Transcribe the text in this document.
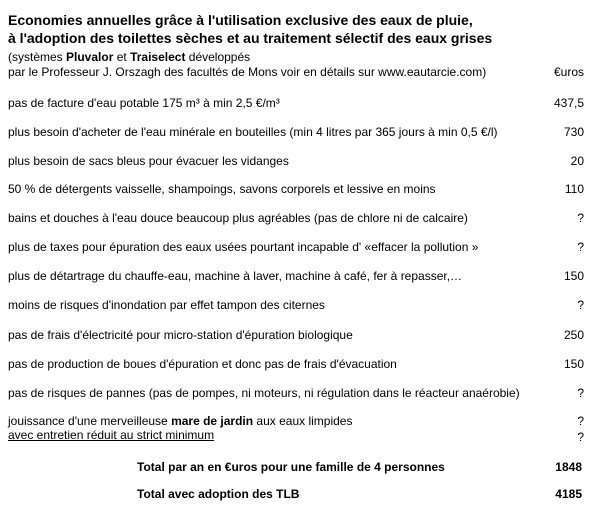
Economies annuelles grâce à l'utilisation exclusive des eaux de pluie,
à l'adoption des toilettes sèches et au traitement sélectif des eaux grises
(systèmes Pluvalor et Traiselect développés
par le Professeur J. Orszagh des facultés de Mons voir en détails sur www.eautarcie.com)	€uros
pas de facture d'eau potable 175 m³ à min 2,5 €/m³	437,5
plus besoin d'acheter de l'eau minérale en bouteilles (min 4 litres par 365 jours à min 0,5 €/l)	730
plus besoin de sacs bleus pour évacuer les vidanges	20
50 % de détergents vaisselle, shampoings, savons corporels et lessive en moins	110
bains et douches à l'eau douce beaucoup plus agréables (pas de chlore ni de calcaire)	?
plus de taxes pour épuration des eaux usées pourtant incapable d' «effacer la pollution »	?
plus de détartrage du chauffe-eau, machine à laver, machine à café, fer à repasser,…	150
moins de risques d'inondation par effet tampon des citernes	?
pas de frais d'électricité pour micro-station d'épuration biologique	250
pas de production de boues d'épuration et donc pas de frais d'évacuation	150
pas de risques de pannes (pas de pompes, ni moteurs, ni régulation dans le réacteur anaérobie)	?
jouissance d'une merveilleuse mare de jardin aux eaux limpides	?
avec entretien réduit au strict minimum	?
Total par an en €uros pour une famille de 4 personnes	1848
Total avec adoption des TLB	4185
